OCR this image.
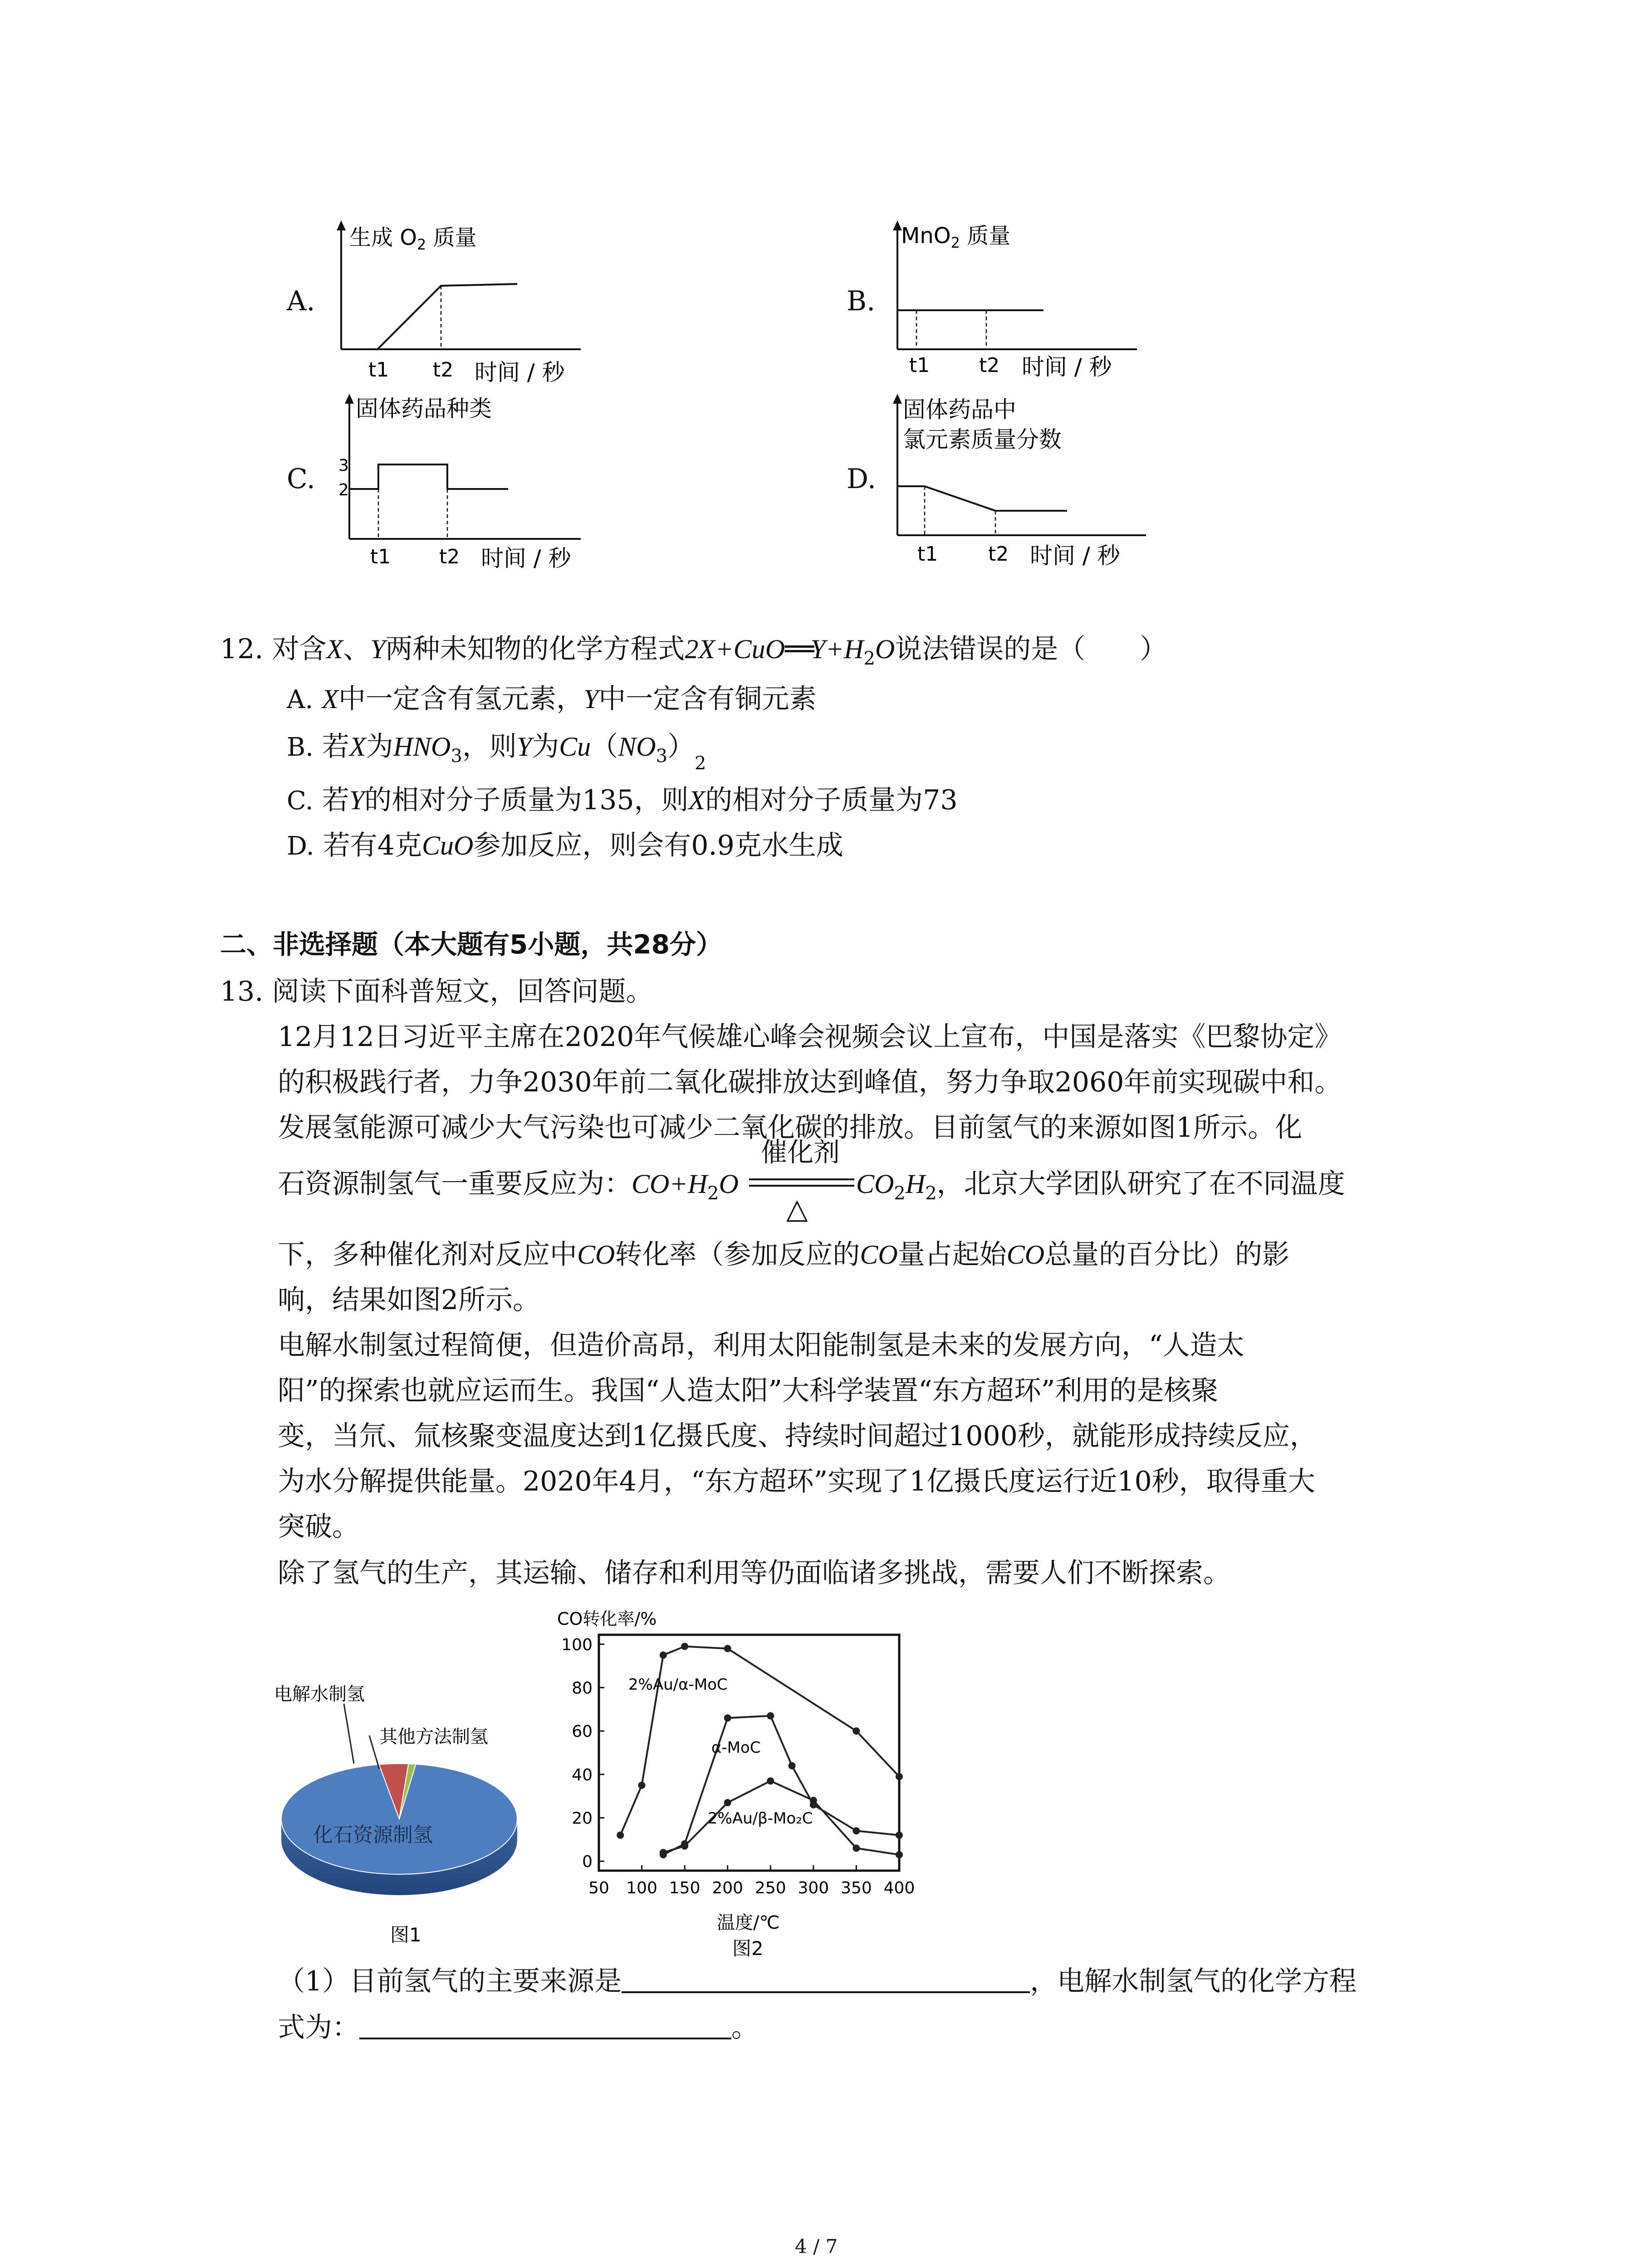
A.
生成 $O_2$ 质量
t1 t2 时间 / 秒
B.
MnO$_2$ 质量
t1 t2 时间 / 秒
C.
固体药品种类
3
2
t1 t2 时间 / 秒
D.
固体药品中
氯元素质量分数
t1	t2 时间 / 秒
12. 对含X、Y两种未知物的化学方程式$2X+CuO══Y+H_2O$说法错误的是（　　）
A. X中一定含有氢元素，Y中一定含有铜元素
B. 若X为$HNO_3$，则Y为$Cu(NO_3)_2$
C. 若Y的相对分子质量为135，则X的相对分子质量为73
D. 若有4克CuO参加反应，则会有0.9克水生成
二、非选择题（本大题有5小题，共28分）
13. 阅读下面科普短文，回答问题。
12月12日习近平主席在2020年气候雄心峰会视频会议上宣布，中国是落实《巴黎协定》
的积极践行者，力争2030年前二氧化碳排放达到峰值，努力争取2060年前实现碳中和。
发展氢能源可减少大气污染也可减少二氧化碳的排放。目前氢气的来源如图1所示。化
石资源制氢气一重要反应为：$CO+H_2O$
催化剂
△
$CO_2H_2$，北京大学团队研究了在不同温度
下，多种催化剂对反应中CO转化率（参加反应的CO量占起始CO总量的百分比）的影
响，结果如图2所示。
电解水制氢过程简便，但造价高昂，利用太阳能制氢是未来的发展方向，“人造太
阳”的探索也就应运而生。我国“人造太阳”大科学装置“东方超环”利用的是核聚
变，当氘、氚核聚变温度达到1亿摄氏度、持续时间超过1000秒，就能形成持续反应，
为水分解提供能量。2020年4月，“东方超环”实现了1亿摄氏度运行近10秒，取得重大
突破。
除了氢气的生产，其运输、储存和利用等仍面临诸多挑战，需要人们不断探索。
电解水制氢
其他方法制氢
化石资源制氢
图1
CO转化率/%
0
20
40
60
80
100
50 100 150 200 250 300 350 400
2%Au/α-MoC
α-MoC
2%Au/β-Mo₂C
温度/℃
图2
（1）目前氢气的主要来源是	，电解水制氢气的化学方程
式为：	。
4 / 7
